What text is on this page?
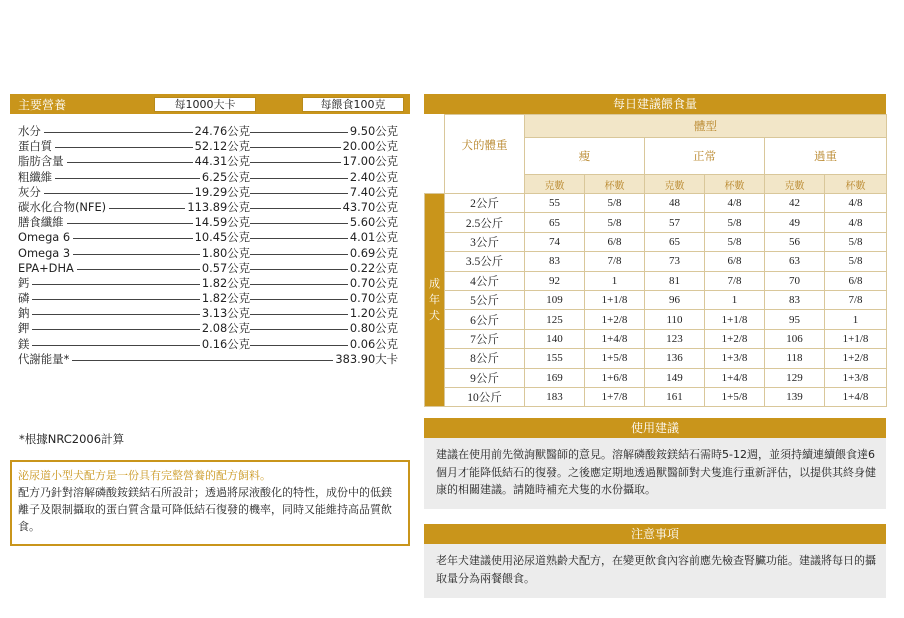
主要營養	每1000大卡	每餵食100克
水分	24.76公克	9.50公克
蛋白質	52.12公克	20.00公克
脂肪含量	44.31公克	17.00公克
粗纖維	6.25公克	2.40公克
灰分	19.29公克	7.40公克
碳水化合物(NFE)	113.89公克	43.70公克
膳食纖維	14.59公克	5.60公克
Omega 6	10.45公克	4.01公克
Omega 3	1.80公克	0.69公克
EPA+DHA	0.57公克	0.22公克
鈣	1.82公克	0.70公克
磷	1.82公克	0.70公克
鈉	3.13公克	1.20公克
鉀	2.08公克	0.80公克
鎂	0.16公克	0.06公克
代謝能量*	383.90大卡
*根據NRC2006計算
泌尿道小型犬配方是一份具有完整營養的配方飼料。
配方乃針對溶解磷酸銨鎂結石所設計；透過將尿液酸化的特性，成份中的低鎂離子及限制攝取的蛋白質含量可降低結石復發的機率，同時又能維持高品質飲食。
每日建議餵食量
	犬的體重	體型					
		瘦		正常		過重	
		克數	杯數	克數	杯數	克數	杯數
成
年
犬	2公斤	55	5/8	48	4/8	42	4/8
	2.5公斤	65	5/8	57	5/8	49	4/8
	3公斤	74	6/8	65	5/8	56	5/8
	3.5公斤	83	7/8	73	6/8	63	5/8
	4公斤	92	1	81	7/8	70	6/8
	5公斤	109	1+1/8	96	1	83	7/8
	6公斤	125	1+2/8	110	1+1/8	95	1
	7公斤	140	1+4/8	123	1+2/8	106	1+1/8
	8公斤	155	1+5/8	136	1+3/8	118	1+2/8
	9公斤	169	1+6/8	149	1+4/8	129	1+3/8
	10公斤	183	1+7/8	161	1+5/8	139	1+4/8
使用建議
建議在使用前先徵詢獸醫師的意見。溶解磷酸銨鎂結石需時5-12週，並須持續連續餵食達6個月才能降低結石的復發。之後應定期地透過獸醫師對犬隻進行重新評估，以提供其終身健康的相關建議。請隨時補充犬隻的水份攝取。
注意事項
老年犬建議使用泌尿道熟齡犬配方，在變更飲食內容前應先檢查腎臟功能。建議將每日的攝取量分為兩餐餵食。
